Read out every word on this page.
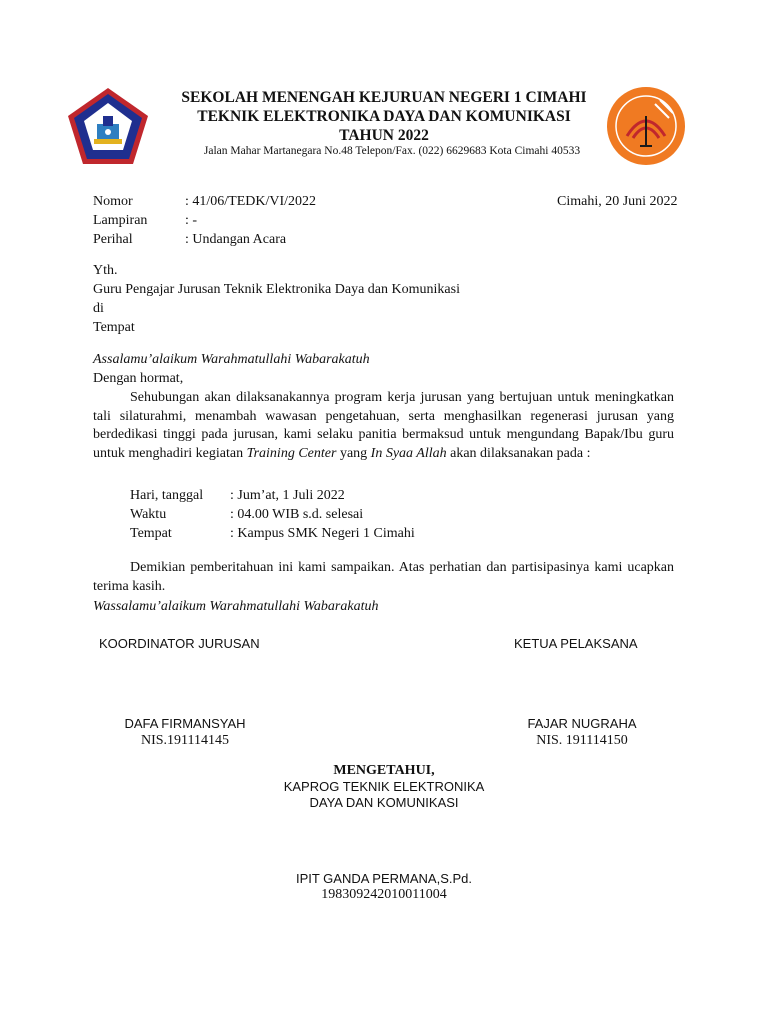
SEKOLAH MENENGAH KEJURUAN NEGERI 1 CIMAHI
TEKNIK ELEKTRONIKA DAYA DAN KOMUNIKASI
TAHUN 2022
Jalan Mahar Martanegara No.48 Telepon/Fax. (022) 6629683 Kota Cimahi 40533
Nomor	: 41/06/TEDK/VI/2022	Cimahi, 20 Juni 2022
Lampiran	: -
Perihal	: Undangan Acara
Yth.
Guru Pengajar Jurusan Teknik Elektronika Daya dan Komunikasi
di
Tempat
Assalamu’alaikum Warahmatullahi Wabarakatuh
Dengan hormat,
Sehubungan akan dilaksanakannya program kerja jurusan yang bertujuan untuk meningkatkan tali silaturahmi, menambah wawasan pengetahuan, serta menghasilkan regenerasi jurusan yang berdedikasi tinggi pada jurusan, kami selaku panitia bermaksud untuk mengundang Bapak/Ibu guru untuk menghadiri kegiatan Training Center yang In Syaa Allah akan dilaksanakan pada :
Hari, tanggal : Jum’at, 1 Juli 2022
Waktu	: 04.00 WIB s.d. selesai
Tempat	: Kampus SMK Negeri 1 Cimahi
Demikian pemberitahuan ini kami sampaikan. Atas perhatian dan partisipasinya kami ucapkan terima kasih.
Wassalamu’alaikum Warahmatullahi Wabarakatuh
KOORDINATOR JURUSAN	KETUA PELAKSANA
DAFA FIRMANSYAH
NIS.191114145
FAJAR NUGRAHA
NIS. 191114150
MENGETAHUI,
KAPROG TEKNIK ELEKTRONIKA
DAYA DAN KOMUNIKASI
IPIT GANDA PERMANA,S.Pd.
198309242010011004
